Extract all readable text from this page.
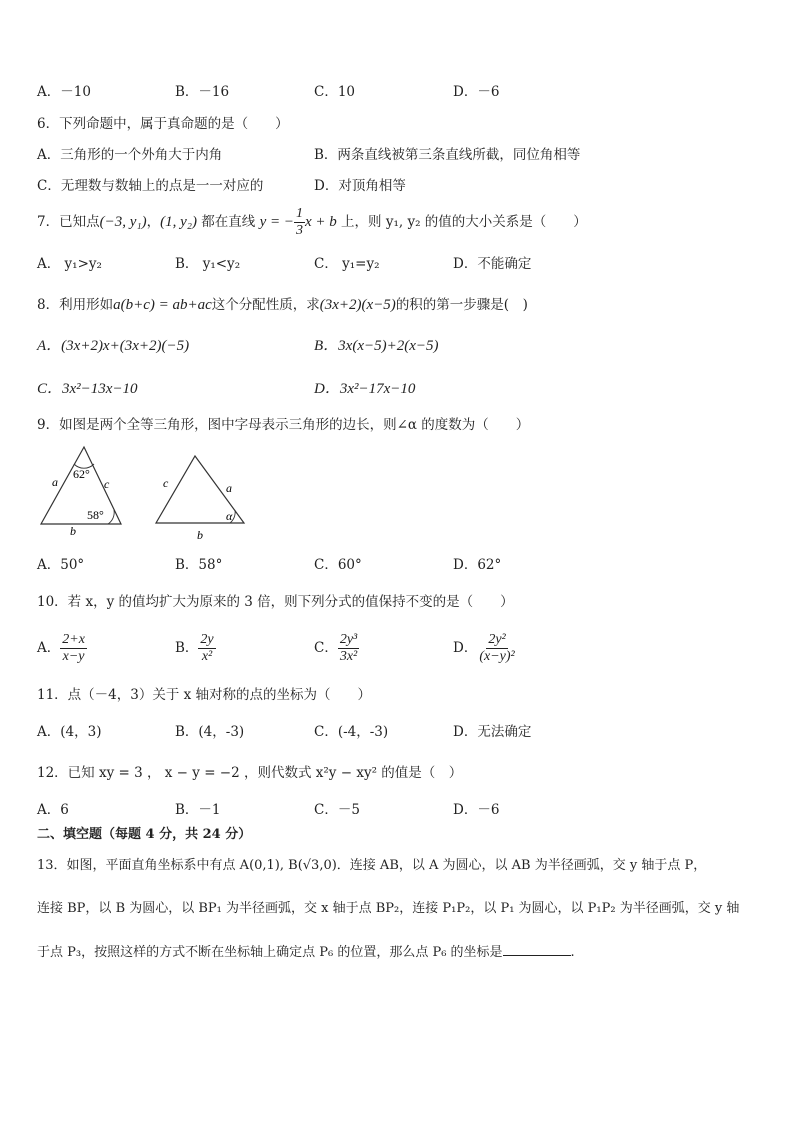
A．－10	B．－16	C．10	D．－6
6．下列命题中，属于真命题的是（　　）
A．三角形的一个外角大于内角	B．两条直线被第三条直线所截，同位角相等
C．无理数与数轴上的点是一一对应的	D．对顶角相等
7．已知点(−3, y₁)，(1, y₂) 都在直线 y = − $\frac{1}{3}$ x + b 上，则 y₁, y₂ 的值的大小关系是（　　）
A． y₁>y₂	B． y₁<y₂	C． y₁=y₂	D．不能确定
8．利用形如a(b+c) = ab+ac这个分配性质，求(3x+2)(x−5)的积的第一步骤是(　)
A．(3x+2)x+(3x+2)(−5)	B．3x(x−5)+2(x−5)
C．3x²−13x−10	D．3x²−17x−10
9．如图是两个全等三角形，图中字母表示三角形的边长，则∠α 的度数为（　　）
62°
58°
a	c
b
c	a
b
α
A．50°	B．58°	C．60°	D．62°
10．若 x，y 的值均扩大为原来的 3 倍，则下列分式的值保持不变的是（　　）
A． $\frac{2+x}{x-y}$	B． $\frac{2y}{\text{x²}}$	C． $\frac{\text{2y³}}{\text{3x²}}$	D． $\frac{\text{2y²}}{\text{(x−y)²}}$
11．点（－4，3）关于 x 轴对称的点的坐标为（　　）
A．(4，3)	B．(4，-3)	C．(-4，-3)	D．无法确定
12．已知 xy = 3 ， x − y = −2 ，则代数式 x²y − xy² 的值是（　）
A．6	B．－1	C．－5	D．－6
二、填空题（每题 4 分，共 24 分）
13．如图，平面直角坐标系中有点 A(0,1), B(√3,0)．连接 AB，以 A 为圆心，以 AB 为半径画弧，交 y 轴于点 P，
连接 BP，以 B 为圆心，以 BP₁ 为半径画弧，交 x 轴于点 BP₂，连接 P₁P₂，以 P₁ 为圆心，以 P₁P₂ 为半径画弧，交 y 轴
于点 P₃，按照这样的方式不断在坐标轴上确定点 P₆ 的位置，那么点 P₆ 的坐标是	.
